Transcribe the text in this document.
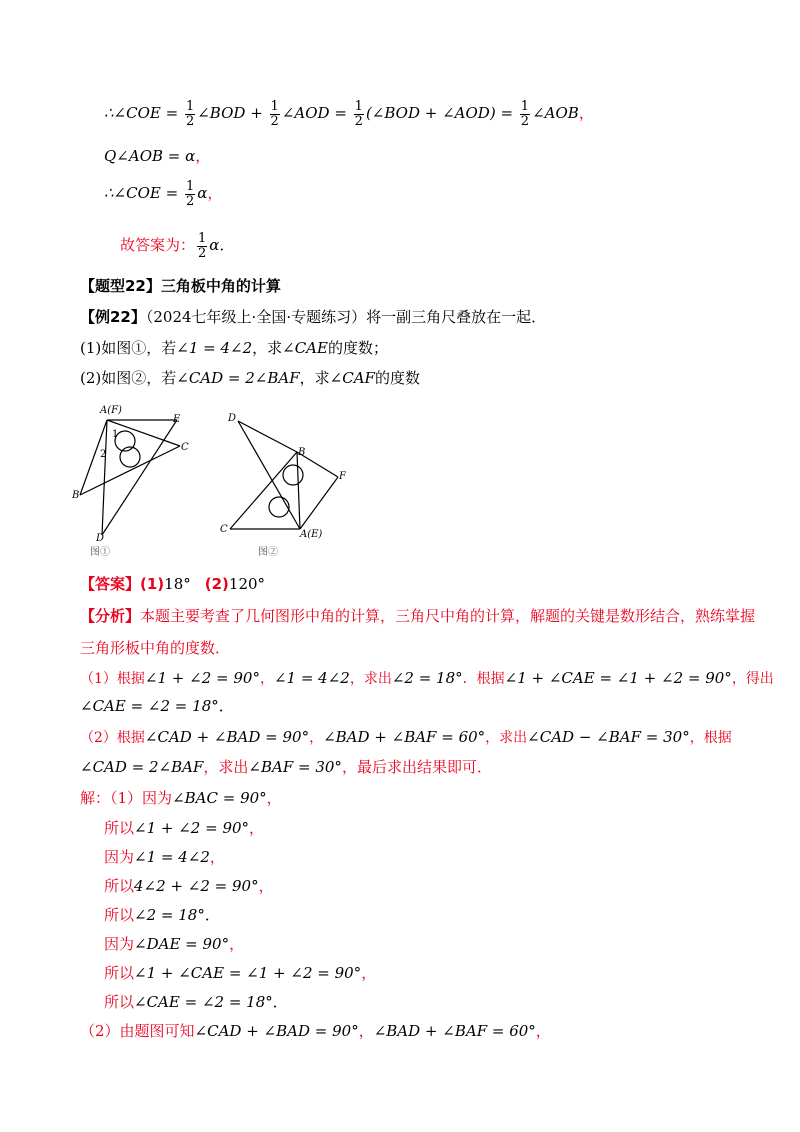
∴∠COE = $\frac{1}{2}$ ∠BOD + $\frac{1}{2}$ ∠AOD = $\frac{1}{2}$ (∠BOD + ∠AOD) = $\frac{1}{2}$ ∠AOB，
Q∠AOB = α，
∴∠COE = $\frac{1}{2}$ α，
故答案为： $\frac{1}{2}$ α．
【题型22】三角板中角的计算
【例22】（2024七年级上·全国·专题练习）将一副三角尺叠放在一起．
(1)如图①，若∠1 = 4∠2，求∠CAE的度数；
(2)如图②，若∠CAD = 2∠BAF，求∠CAF的度数
A(F)
E
C
B
D
1
2
图①
D
B
F
C	A(E)
图②
【答案】(1)18° (2)120°
【分析】本题主要考查了几何图形中角的计算，三角尺中角的计算，解题的关键是数形结合，熟练掌握
三角形板中角的度数．
（1）根据∠1 + ∠2 = 90°，∠1 = 4∠2，求出∠2 = 18°．根据∠1 + ∠CAE = ∠1 + ∠2 = 90°，得出
∠CAE = ∠2 = 18°．
（2）根据∠CAD + ∠BAD = 90°，∠BAD + ∠BAF = 60°，求出∠CAD − ∠BAF = 30°，根据
∠CAD = 2∠BAF，求出∠BAF = 30°，最后求出结果即可．
解：（1）因为∠BAC = 90°，
所以∠1 + ∠2 = 90°，
因为∠1 = 4∠2，
所以4∠2 + ∠2 = 90°，
所以∠2 = 18°．
因为∠DAE = 90°，
所以∠1 + ∠CAE = ∠1 + ∠2 = 90°，
所以∠CAE = ∠2 = 18°．
（2）由题图可知∠CAD + ∠BAD = 90°，∠BAD + ∠BAF = 60°，
